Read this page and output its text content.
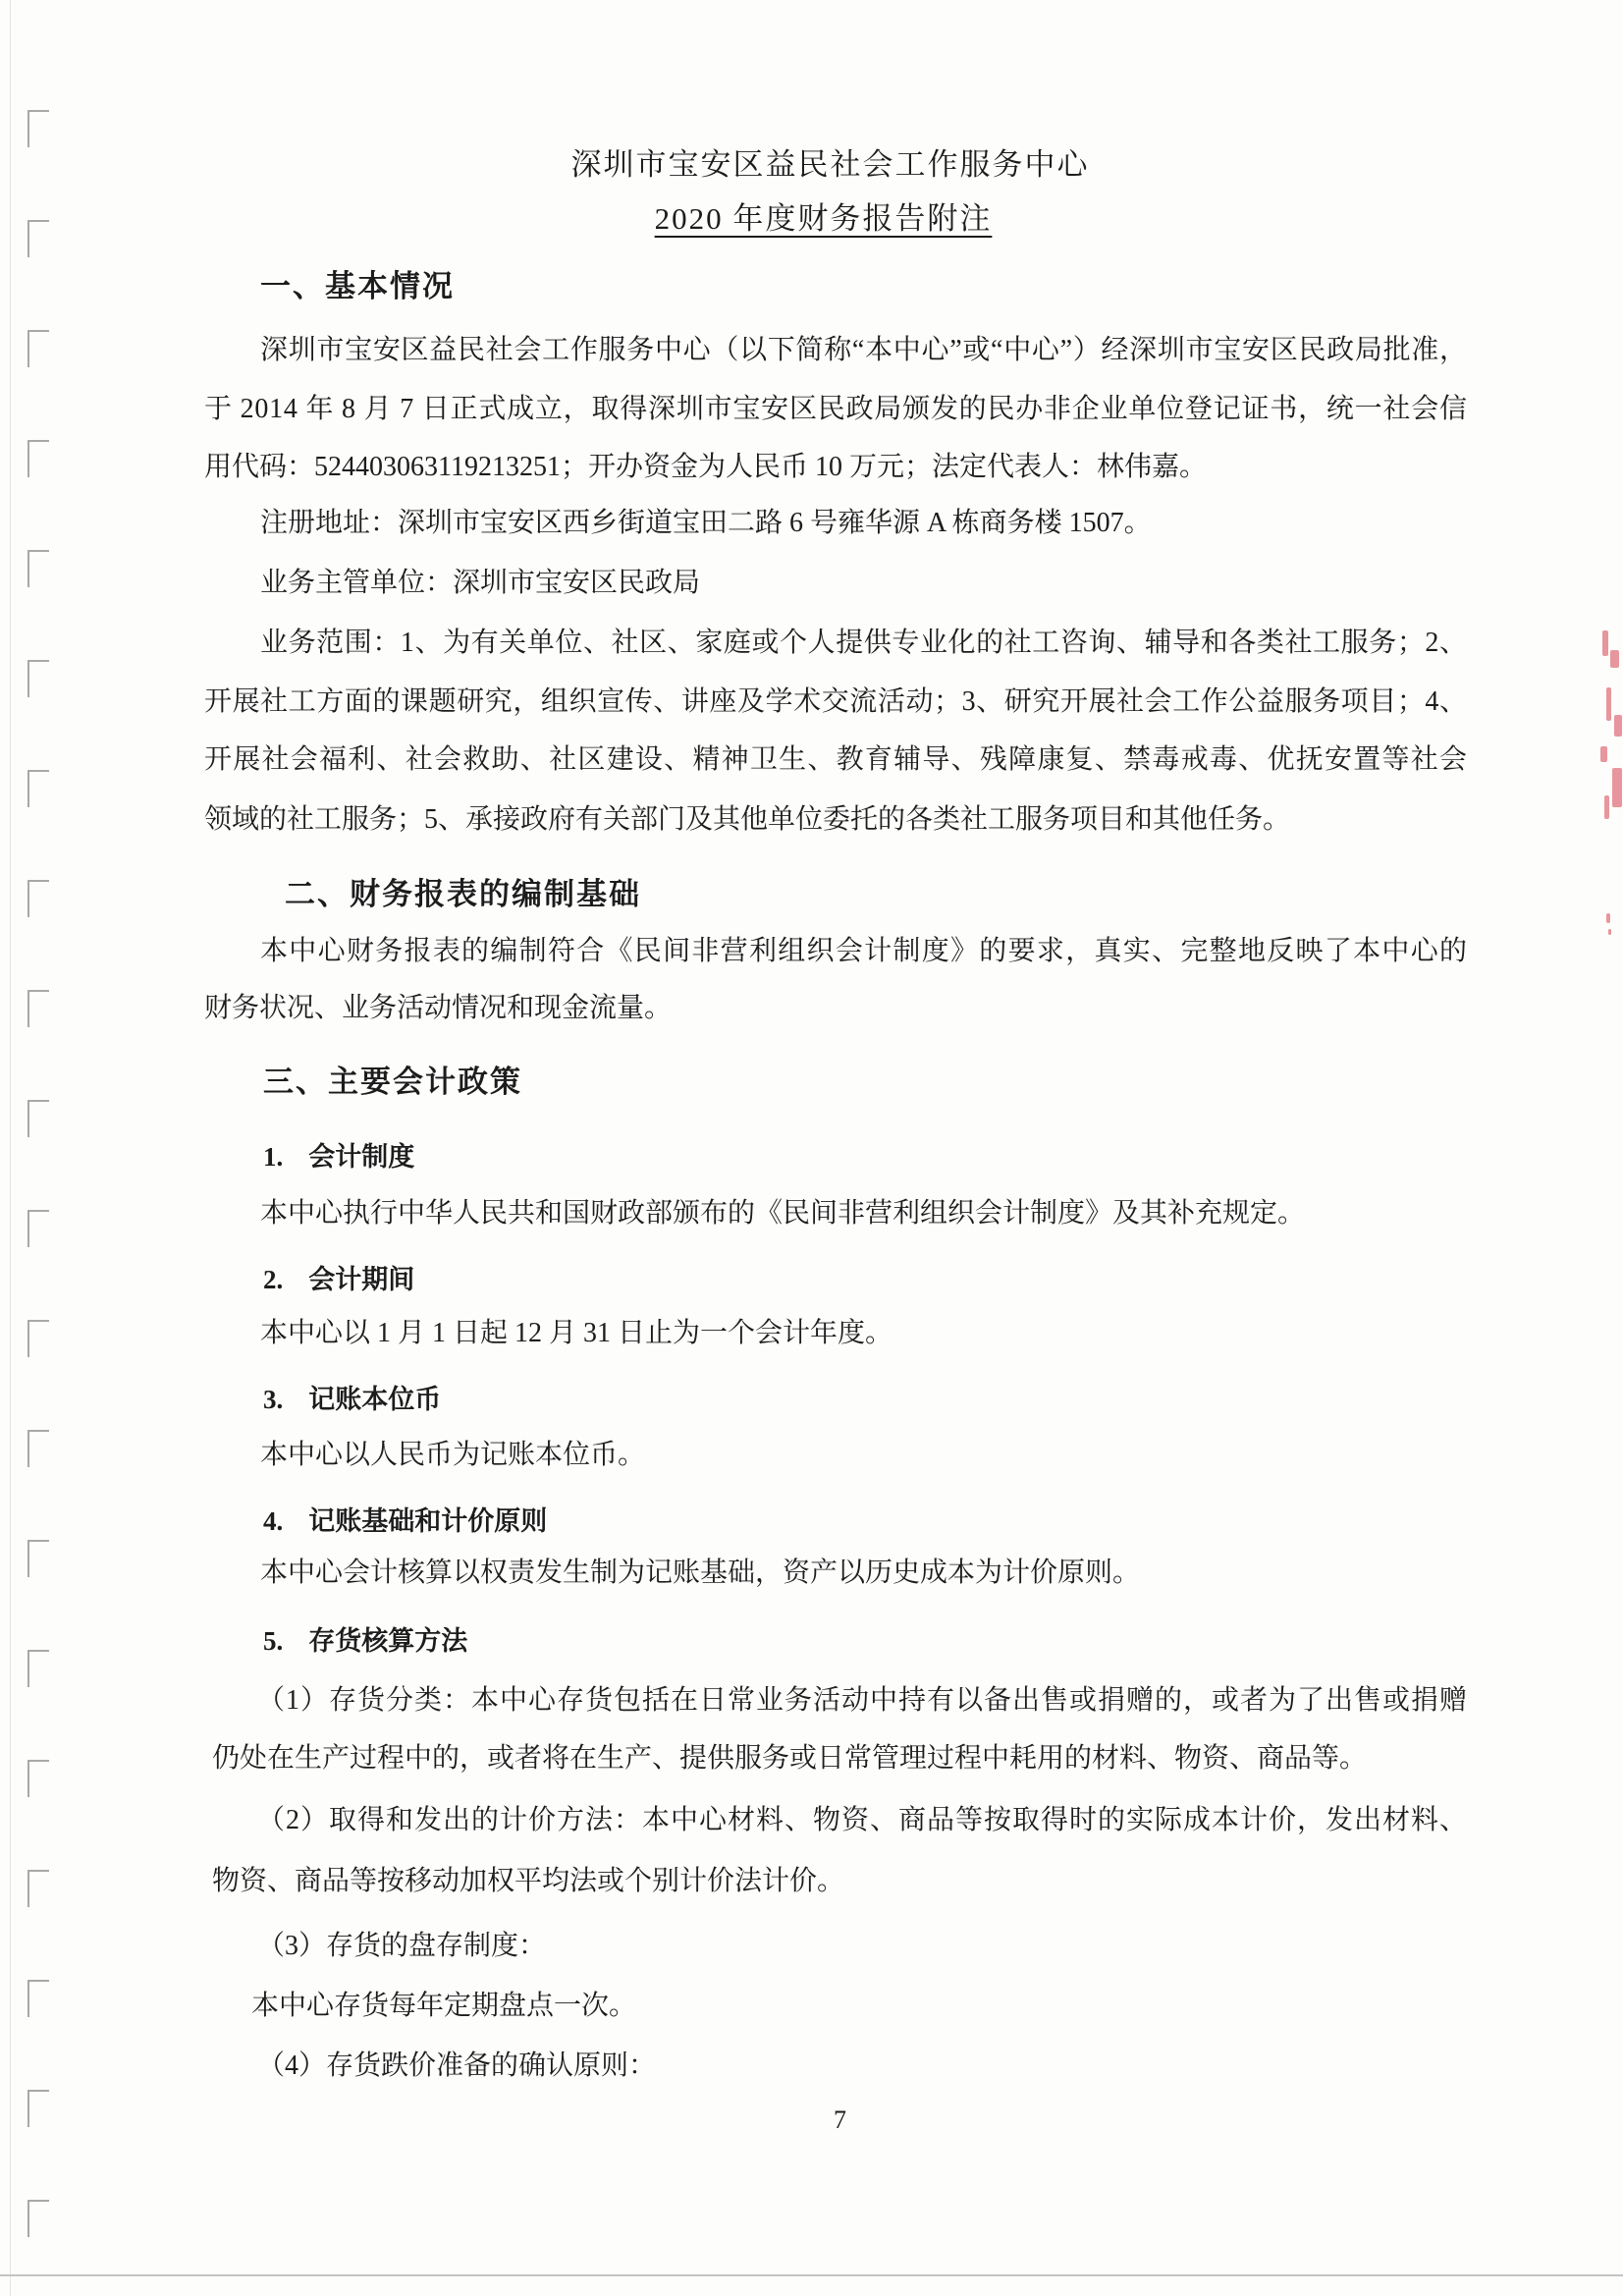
深圳市宝安区益民社会工作服务中心
2020 年度财务报告附注
一、基本情况
深圳市宝安区益民社会工作服务中心（以下简称“本中心”或“中心”）经深圳市宝安区民政局批准，
于 2014 年 8 月 7 日正式成立，取得深圳市宝安区民政局颁发的民办非企业单位登记证书，统一社会信
用代码：524403063119213251；开办资金为人民币 10 万元；法定代表人：林伟嘉。
注册地址：深圳市宝安区西乡街道宝田二路 6 号雍华源 A 栋商务楼 1507。
业务主管单位：深圳市宝安区民政局
业务范围：1、为有关单位、社区、家庭或个人提供专业化的社工咨询、辅导和各类社工服务；2、
开展社工方面的课题研究，组织宣传、讲座及学术交流活动；3、研究开展社会工作公益服务项目；4、
开展社会福利、社会救助、社区建设、精神卫生、教育辅导、残障康复、禁毒戒毒、优抚安置等社会
领域的社工服务；5、承接政府有关部门及其他单位委托的各类社工服务项目和其他任务。
二、财务报表的编制基础
本中心财务报表的编制符合《民间非营利组织会计制度》的要求，真实、完整地反映了本中心的
财务状况、业务活动情况和现金流量。
三、主要会计政策
1. 会计制度
本中心执行中华人民共和国财政部颁布的《民间非营利组织会计制度》及其补充规定。
2. 会计期间
本中心以 1 月 1 日起 12 月 31 日止为一个会计年度。
3. 记账本位币
本中心以人民币为记账本位币。
4. 记账基础和计价原则
本中心会计核算以权责发生制为记账基础，资产以历史成本为计价原则。
5. 存货核算方法
（1）存货分类：本中心存货包括在日常业务活动中持有以备出售或捐赠的，或者为了出售或捐赠
仍处在生产过程中的，或者将在生产、提供服务或日常管理过程中耗用的材料、物资、商品等。
（2）取得和发出的计价方法：本中心材料、物资、商品等按取得时的实际成本计价，发出材料、
物资、商品等按移动加权平均法或个别计价法计价。
（3）存货的盘存制度：
本中心存货每年定期盘点一次。
（4）存货跌价准备的确认原则：
7
